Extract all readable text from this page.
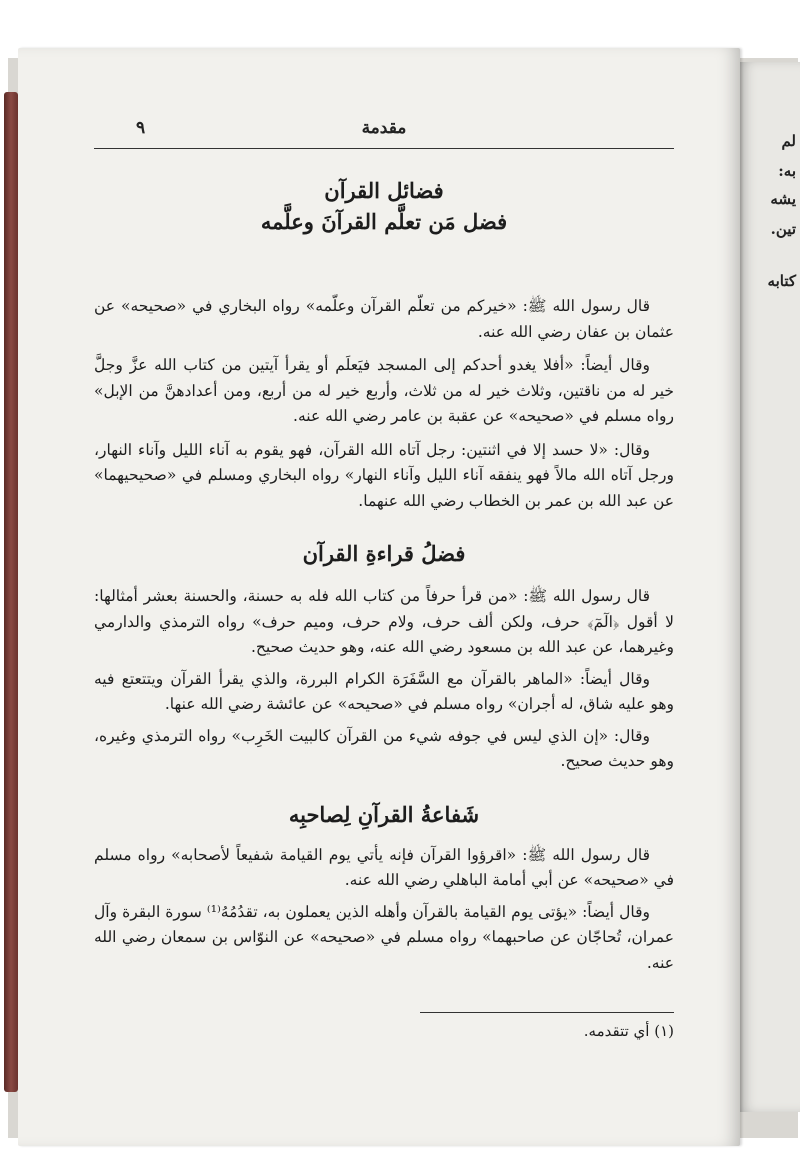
لم
به:
يشه
تين.
كتابه
٩	مقدمة
فضائل القرآن
فضل مَن تعلَّم القرآنَ وعلَّمه

قال رسول الله ﷺ: «خيركم من تعلّم القرآن وعلّمه» رواه البخاري في «صحيحه» عن عثمان بن عفان رضي الله عنه.

وقال أيضاً: «أفلا يغدو أحدكم إلى المسجد فيَعلَم أو يقرأ آيتين من كتاب الله عزَّ وجلَّ خير له من ناقتين، وثلاث خير له من ثلاث، وأربع خير له من أربع، ومن أعدادهنَّ من الإبل» رواه مسلم في «صحيحه» عن عقبة بن عامر رضي الله عنه.

وقال: «لا حسد إلا في اثنتين: رجل آتاه الله القرآن، فهو يقوم به آناء الليل وآناء النهار، ورجل آتاه الله مالاً فهو ينفقه آناء الليل وآناء النهار» رواه البخاري ومسلم في «صحيحيهما» عن عبد الله بن عمر بن الخطاب رضي الله عنهما.

فضلُ قراءةِ القرآن

قال رسول الله ﷺ: «من قرأ حرفاً من كتاب الله فله به حسنة، والحسنة بعشر أمثالها: لا أقول ﴿الٓمٓ﴾ حرف، ولكن ألف حرف، ولام حرف، وميم حرف» رواه الترمذي والدارمي وغيرهما، عن عبد الله بن مسعود رضي الله عنه، وهو حديث صحيح.

وقال أيضاً: «الماهر بالقرآن مع السَّفَرَة الكرام البررة، والذي يقرأ القرآن ويتتعتع فيه وهو عليه شاق، له أجران» رواه مسلم في «صحيحه» عن عائشة رضي الله عنها.

وقال: «إن الذي ليس في جوفه شيء من القرآن كالبيت الخَرِب» رواه الترمذي وغيره، وهو حديث صحيح.

شَفاعةُ القرآنِ لِصاحبِه

قال رسول الله ﷺ: «اقرؤوا القرآن فإنه يأتي يوم القيامة شفيعاً لأصحابه» رواه مسلم في «صحيحه» عن أبي أمامة الباهلي رضي الله عنه.

وقال أيضاً: «يؤتى يوم القيامة بالقرآن وأهله الذين يعملون به، تقدُمُهُ⁽¹⁾ سورة البقرة وآل عمران، تُحاجّان عن صاحبهما» رواه مسلم في «صحيحه» عن النوّاس بن سمعان رضي الله عنه.

(١) أي تتقدمه.
